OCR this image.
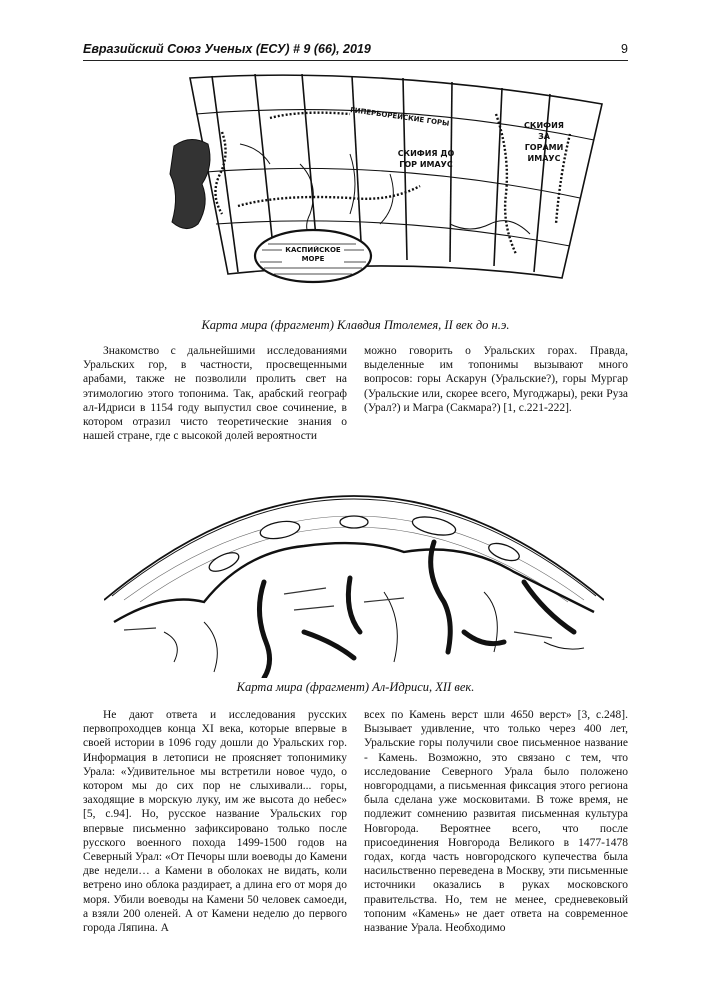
Евразийский Союз Ученых (ЕСУ) # 9 (66), 2019	9
ГИПЕРБОРЕЙСКИЕ ГОРЫ
СКИФИЯ ДО ГОР ИМАУС
СКИФИЯ ЗА ГОРАМИ ИМАУС
КАСПИЙСКОЕ МОРЕ
Карта мира (фрагмент) Клавдия Птолемея, II век до н.э.

Знакомство с дальнейшими исследованиями Уральских гор, в частности, просвещенными арабами, также не позволили пролить свет на этимологию этого топонима. Так, арабский географ ал-Идриси в 1154 году выпустил свое сочинение, в котором отразил чисто теоретические знания о нашей стране, где с высокой долей вероятности

можно говорить о Уральских горах. Правда, выделенные им топонимы вызывают много вопросов: горы Аскарун (Уральские?), горы Мургар (Уральские или, скорее всего, Мугоджары), реки Руза (Урал?) и Магра (Сакмара?) [1, с.221-222].

Карта мира (фрагмент) Ал-Идриси, XII век.

Не дают ответа и исследования русских первопроходцев конца XI века, которые впервые в своей истории в 1096 году дошли до Уральских гор. Информация в летописи не проясняет топонимику Урала: «Удивительное мы встретили новое чудо, о котором мы до сих пор не слыхивали... горы, заходящие в морскую луку, им же высота до небес» [5, с.94]. Но, русское название Уральских гор впервые письменно зафиксировано только после русского военного похода 1499-1500 годов на Северный Урал: «От Печоры шли воеводы до Камени две недели… а Камени в оболоках не видать, коли ветрено ино облока раздирает, а длина его от моря до моря. Убили воеводы на Камени 50 человек самоеди, а взяли 200 оленей. А от Камени неделю до первого города Ляпина. А

всех по Камень верст шли 4650 верст» [3, с.248]. Вызывает удивление, что только через 400 лет, Уральские горы получили свое письменное название - Камень. Возможно, это связано с тем, что исследование Северного Урала было положено новгородцами, а письменная фиксация этого региона была сделана уже московитами. В тоже время, не подлежит сомнению развитая письменная культура Новгорода. Вероятнее всего, что после присоединения Новгорода Великого в 1477-1478 годах, когда часть новгородского купечества была насильственно переведена в Москву, эти письменные источники оказались в руках московского правительства. Но, тем не менее, средневековый топоним «Камень» не дает ответа на современное название Урала. Необходимо
